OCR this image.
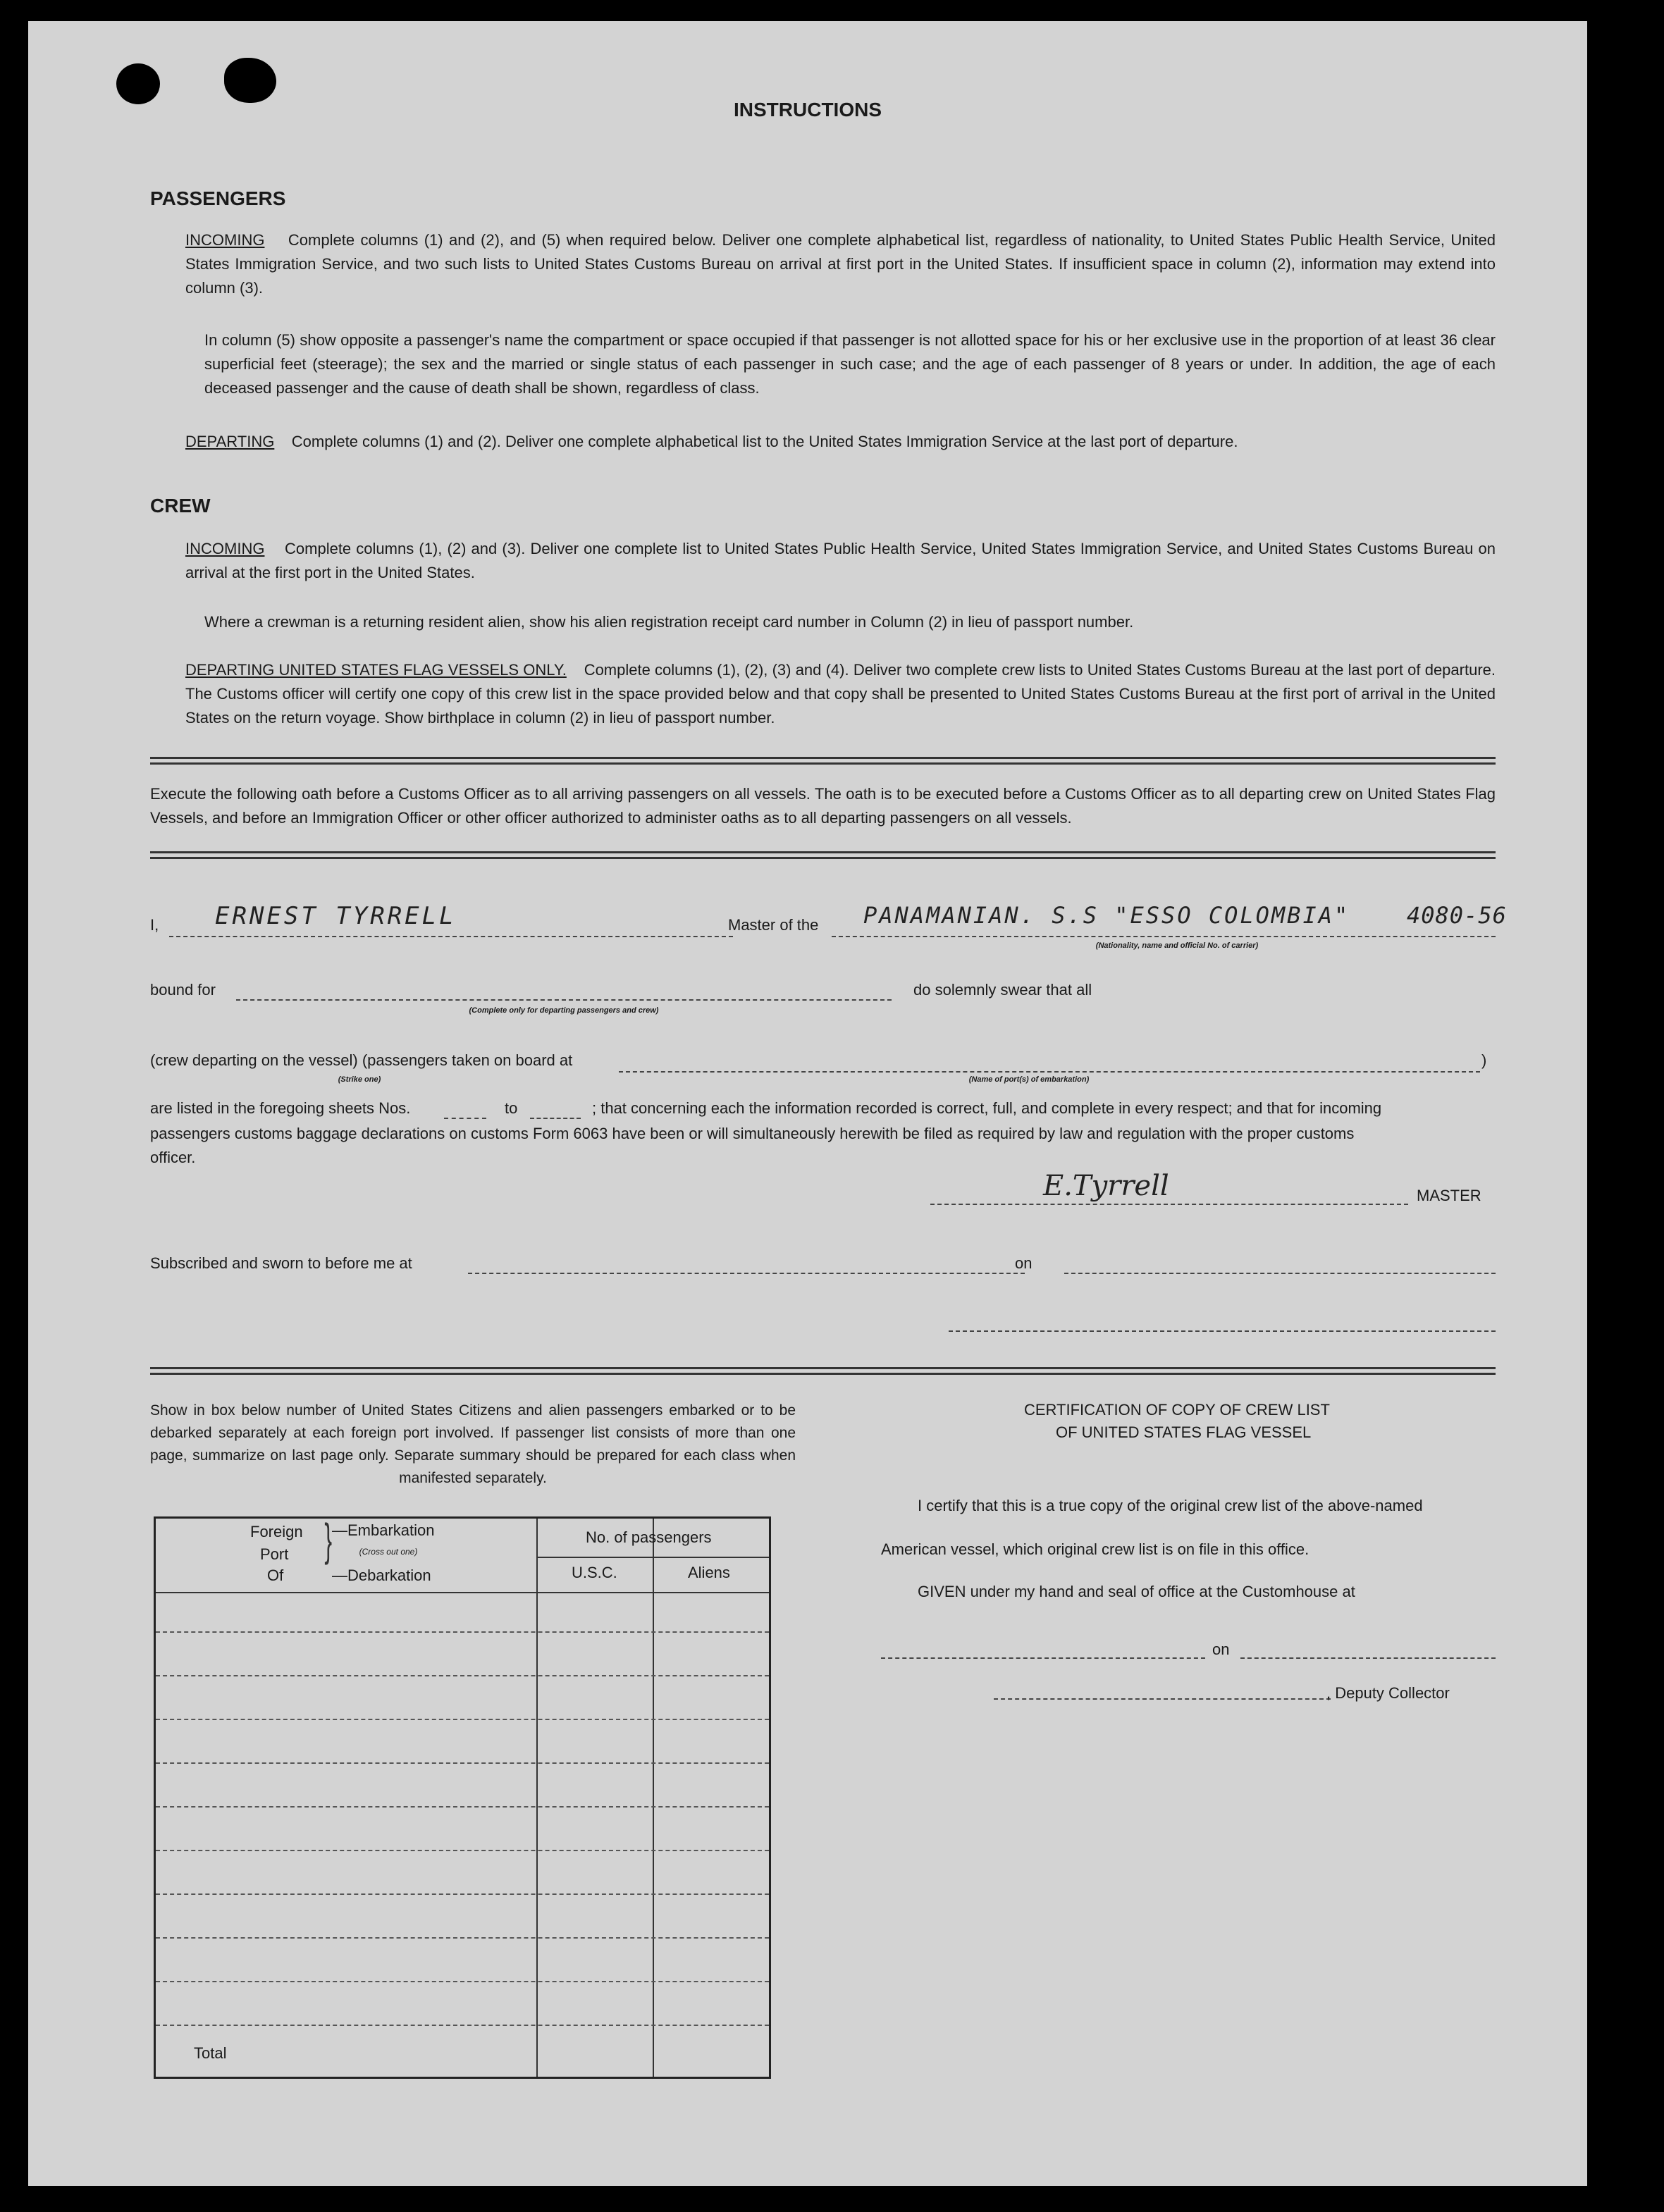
INSTRUCTIONS
PASSENGERS

INCOMING Complete columns (1) and (2), and (5) when required below. Deliver one complete alphabetical list, regardless of nationality, to United States Public Health Service, United States Immigration Service, and two such lists to United States Customs Bureau on arrival at first port in the United States. If insufficient space in column (2), information may extend into column (3).

In column (5) show opposite a passenger's name the compartment or space occupied if that passenger is not allotted space for his or her exclusive use in the proportion of at least 36 clear superficial feet (steerage); the sex and the married or single status of each passenger in such case; and the age of each passenger of 8 years or under. In addition, the age of each deceased passenger and the cause of death shall be shown, regardless of class.

DEPARTING Complete columns (1) and (2). Deliver one complete alphabetical list to the United States Immigration Service at the last port of departure.

CREW

INCOMING Complete columns (1), (2) and (3). Deliver one complete list to United States Public Health Service, United States Immigration Service, and United States Customs Bureau on arrival at the first port in the United States.

Where a crewman is a returning resident alien, show his alien registration receipt card number in Column (2) in lieu of passport number.

DEPARTING UNITED STATES FLAG VESSELS ONLY. Complete columns (1), (2), (3) and (4). Deliver two complete crew lists to United States Customs Bureau at the last port of departure. The Customs officer will certify one copy of this crew list in the space provided below and that copy shall be presented to United States Customs Bureau at the first port of arrival in the United States on the return voyage. Show birthplace in column (2) in lieu of passport number.

Execute the following oath before a Customs Officer as to all arriving passengers on all vessels. The oath is to be executed before a Customs Officer as to all departing crew on United States Flag Vessels, and before an Immigration Officer or other officer authorized to administer oaths as to all departing passengers on all vessels.

I, ERNEST TYRRELL	Master of the PANAMANIAN. S.S "ESSO COLOMBIA"	4080-56
(Nationality, name and official No. of carrier)
bound for
(Complete only for departing passengers and crew)
do solemnly swear that all
(crew departing on the vessel) (passengers taken on board at	)
(Strike one)	(Name of port(s) of embarkation)
are listed in the foregoing sheets Nos.	to	; that concerning each the information recorded is correct, full, and complete in every respect; and that for incoming
passengers customs baggage declarations on customs Form 6063 have been or will simultaneously herewith be filed as required by law and regulation with the proper customs
officer.
E.Tyrrell	MASTER
Subscribed and sworn to before me at	on

Show in box below number of United States Citizens and alien passengers embarked or to be debarked separately at each foreign port involved. If passenger list consists of more than one page, summarize on last page only. Separate summary should be prepared for each class when manifested separately.

Foreign
Port
Of
} —Embarkation
(Cross out one)
—Debarkation
No. of passengers
U.S.C.	Aliens
Total
CERTIFICATION OF COPY OF CREW LIST
OF UNITED STATES FLAG VESSEL
I certify that this is a true copy of the original crew list of the above-named
American vessel, which original crew list is on file in this office.
GIVEN under my hand and seal of office at the Customhouse at
on
, Deputy Collector
